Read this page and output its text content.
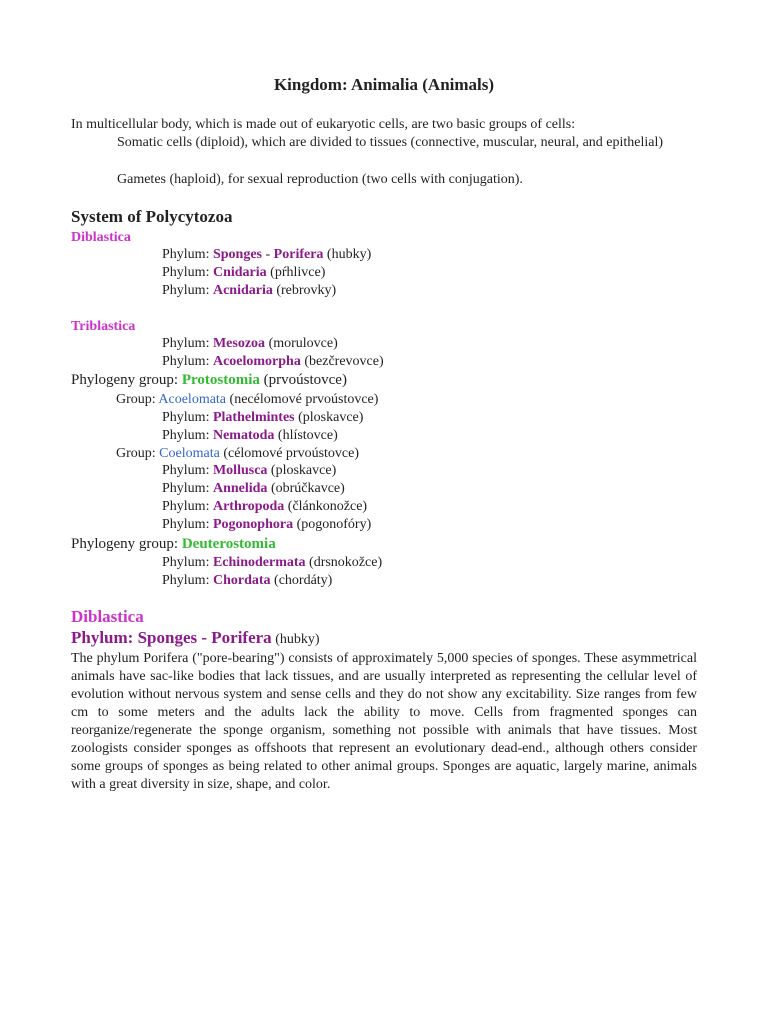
Kingdom: Animalia (Animals)

In multicellular body, which is made out of eukaryotic cells, are two basic groups of cells:

Somatic cells (diploid), which are divided to tissues (connective, muscular, neural, and epithelial)

Gametes (haploid), for sexual reproduction (two cells with conjugation).

System of Polycytozoa
Diblastica
Phylum: Sponges - Porifera (hubky)
Phylum: Cnidaria (pŕhlivce)
Phylum: Acnidaria (rebrovky)
Triblastica
Phylum: Mesozoa (morulovce)
Phylum: Acoelomorpha (bezčrevovce)
Phylogeny group: Protostomia (prvoústovce)
Group: Acoelomata (necélomové prvoústovce)
Phylum: Plathelmintes (ploskavce)
Phylum: Nematoda (hlístovce)
Group: Coelomata (célomové prvoústovce)
Phylum: Mollusca (ploskavce)
Phylum: Annelida (obrúčkavce)
Phylum: Arthropoda (článkonožce)
Phylum: Pogonophora (pogonofóry)
Phylogeny group: Deuterostomia
Phylum: Echinodermata (drsnokožce)
Phylum: Chordata (chordáty)
Diblastica
Phylum: Sponges - Porifera (hubky)

The phylum Porifera ("pore-bearing") consists of approximately 5,000 species of sponges. These asymmetrical animals have sac-like bodies that lack tissues, and are usually interpreted as representing the cellular level of evolution without nervous system and sense cells and they do not show any excitability. Size ranges from few cm to some meters and the adults lack the ability to move. Cells from fragmented sponges can reorganize/regenerate the sponge organism, something not possible with animals that have tissues. Most zoologists consider sponges as offshoots that represent an evolutionary dead-end., although others consider some groups of sponges as being related to other animal groups. Sponges are aquatic, largely marine, animals with a great diversity in size, shape, and color.
